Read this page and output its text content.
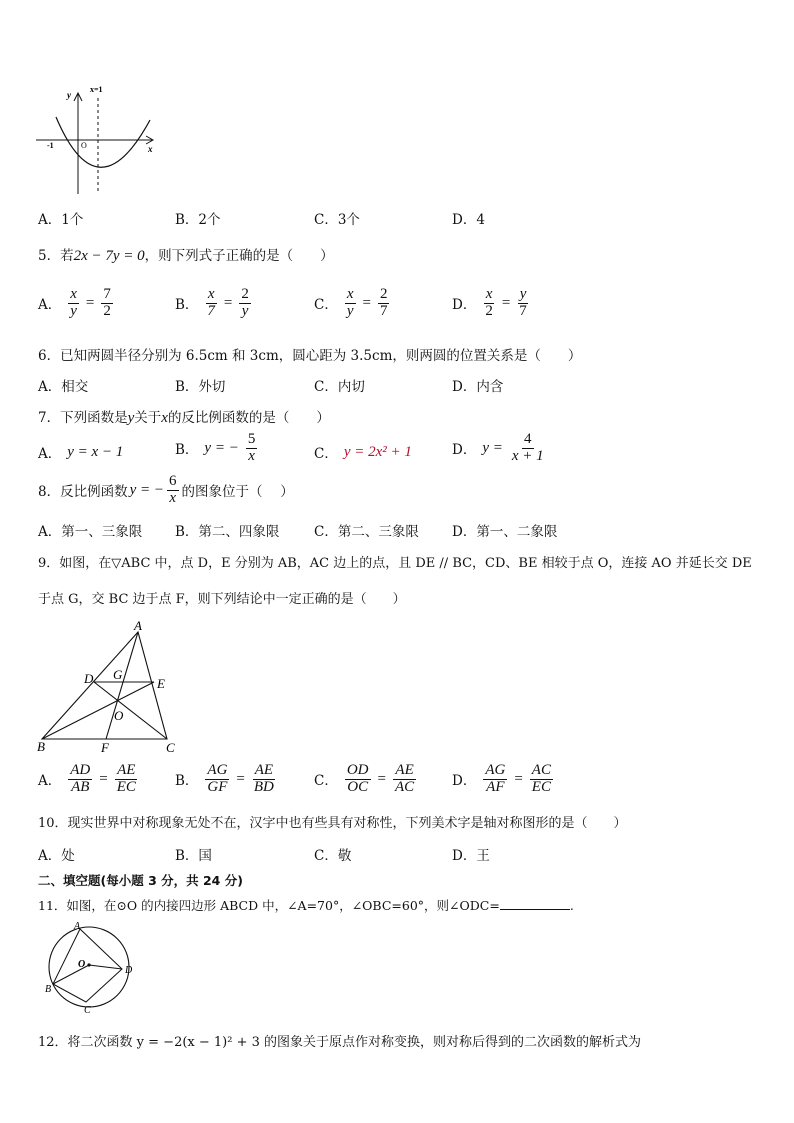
x
y
O
-1
x=1
A．1个	B．2个	C．3个	D．4
5．若2x − 7y = 0，则下列式子正确的是（　　）
A． $\frac{x}{y} = \frac{7}{2}$	B． $\frac{x}{7} = \frac{2}{y}$	C． $\frac{x}{y} = \frac{2}{7}$	D． $\frac{x}{2} = \frac{y}{7}$
6．已知两圆半径分别为 6.5cm 和 3cm，圆心距为 3.5cm，则两圆的位置关系是（　　）
A．相交	B．外切	C．内切	D．内含
7．下列函数是y关于x的反比例函数的是（　　）
A． y = x − 1	B． y = − $\frac{5}{x}$	C． y = 2x² + 1	D． $y = \frac{4}{x + 1}$
8．反比例函数 y = − $\frac{6}{x}$ 的图象位于（　 ）
A．第一、三象限 B．第二、四象限	C．第二、三象限 D．第一、二象限
9．如图，在▽ABC 中，点 D，E 分别为 AB，AC 边上的点，且 DE // BC，CD、BE 相较于点 O，连接 AO 并延长交 DE
于点 G，交 BC 边于点 F，则下列结论中一定正确的是（　　）
A
B	C
D	E
F
G
O
A． $\frac{AD}{AB} = \frac{AE}{EC}$	B． $\frac{AG}{GF} = \frac{AE}{BD}$	C． $\frac{OD}{OC} = \frac{AE}{AC}$	D． $\frac{AG}{AF} = \frac{AC}{EC}$
10．现实世界中对称现象无处不在，汉字中也有些具有对称性，下列美术字是轴对称图形的是（　　）
A．处	B．国	C．敬	D．王
二、填空题(每小题 3 分，共 24 分)
11．如图，在⊙O 的内接四边形 ABCD 中，∠A=70°，∠OBC=60°，则∠ODC=	.
A
B
C
D
O
12．将二次函数 y = −2(x − 1)² + 3 的图象关于原点作对称变换，则对称后得到的二次函数的解析式为
